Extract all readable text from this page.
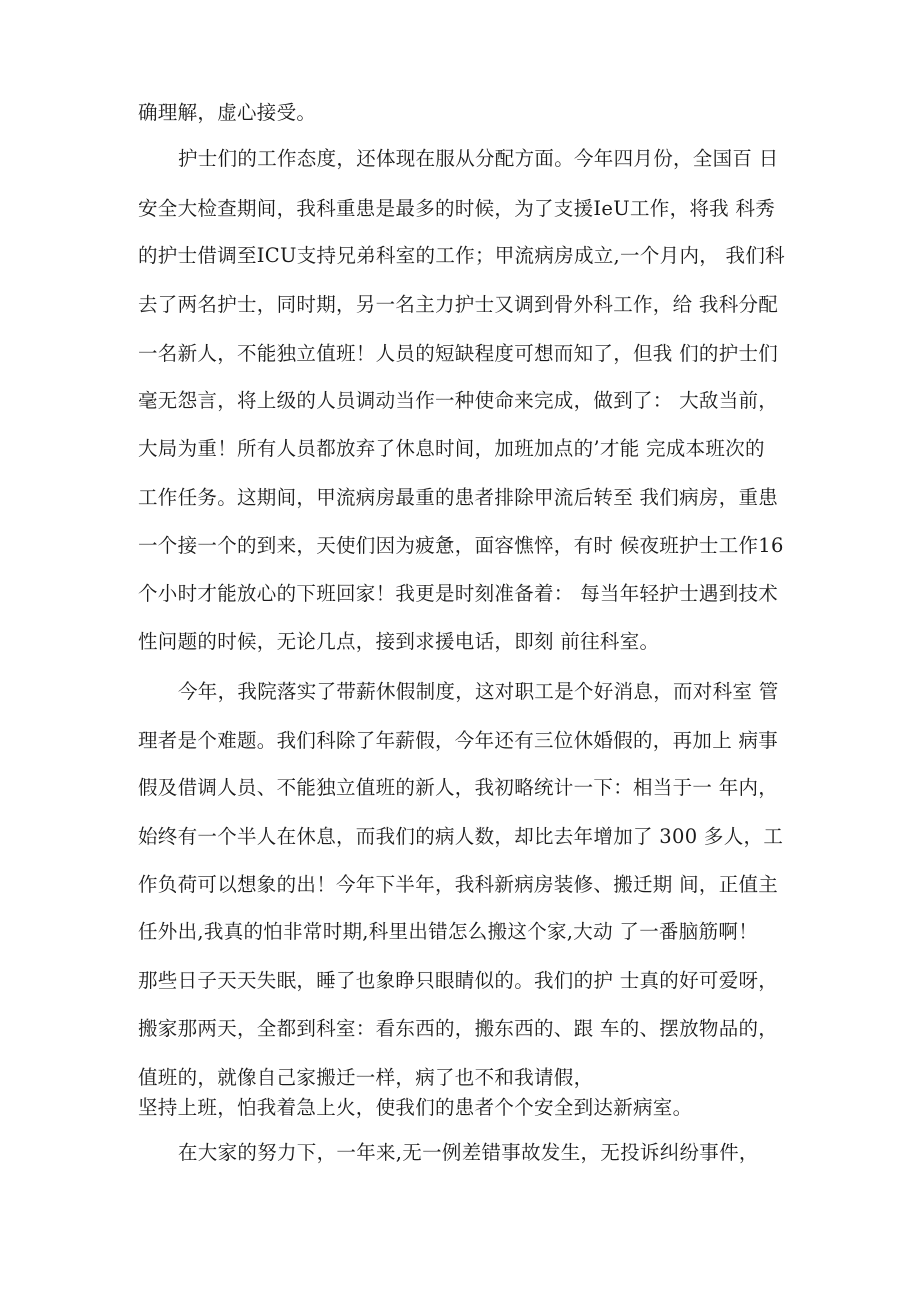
确理解，虚心接受。
护士们的工作态度，还体现在服从分配方面。今年四月份，全国百 日
安全大检查期间，我科重患是最多的时候，为了支援IeU工作，将我 科秀
的护士借调至ICU支持兄弟科室的工作；甲流病房成立,一个月内， 我们科
去了两名护士，同时期，另一名主力护士又调到骨外科工作，给 我科分配
一名新人，不能独立值班！人员的短缺程度可想而知了，但我 们的护士们
毫无怨言，将上级的人员调动当作一种使命来完成，做到了： 大敌当前，
大局为重！所有人员都放弃了休息时间，加班加点的’才能 完成本班次的
工作任务。这期间，甲流病房最重的患者排除甲流后转至 我们病房，重患
一个接一个的到来，天使们因为疲惫，面容憔悴，有时 候夜班护士工作16
个小时才能放心的下班回家！我更是时刻准备着： 每当年轻护士遇到技术
性问题的时候，无论几点，接到求援电话，即刻 前往科室。
今年，我院落实了带薪休假制度，这对职工是个好消息，而对科室 管
理者是个难题。我们科除了年薪假，今年还有三位休婚假的，再加上 病事
假及借调人员、不能独立值班的新人，我初略统计一下：相当于一 年内，
始终有一个半人在休息，而我们的病人数，却比去年增加了 300 多人，工
作负荷可以想象的出！今年下半年，我科新病房装修、搬迁期 间，正值主
任外出,我真的怕非常时期,科里出错怎么搬这个家,大动 了一番脑筋啊！
那些日子天天失眠，睡了也象睁只眼睛似的。我们的护 士真的好可爱呀，
搬家那两天，全都到科室：看东西的，搬东西的、跟 车的、摆放物品的，
值班的，就像自己家搬迁一样，病了也不和我请假，
坚持上班，怕我着急上火，使我们的患者个个安全到达新病室。
在大家的努力下，一年来,无一例差错事故发生，无投诉纠纷事件，
